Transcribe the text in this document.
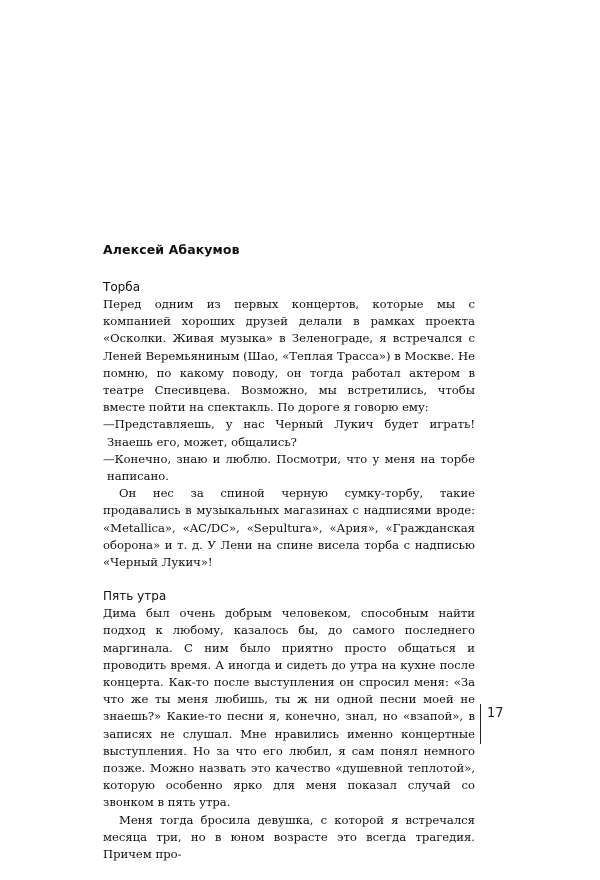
Алексей Абакумов
Торба

Перед одним из первых концертов, которые мы с компанией хороших друзей делали в рамках проекта «Осколки. Живая музыка» в Зеленограде, я встречался с Леней Веремьяниным (Шао, «Теплая Трасса») в Москве. Не помню, по какому поводу, он тогда работал актером в театре Спесивцева. Возможно, мы встретились, чтобы вместе пойти на спектакль. По дороге я говорю ему:

—Представляешь, у нас Черный Лукич будет играть! Знаешь его, может, общались?

—Конечно, знаю и люблю. Посмотри, что у меня на торбе написано.

Он нес за спиной черную сумку-торбу, такие продавались в музыкальных магазинах с надписями вроде: «Metallica», «AC/DC», «Sepultura», «Ария», «Гражданская оборона» и т. д. У Лени на спине висела торба с надписью «Черный Лукич»!

Пять утра

Дима был очень добрым человеком, способным найти подход к любому, казалось бы, до самого последнего маргинала. С ним было приятно просто общаться и проводить время. А иногда и сидеть до утра на кухне после концерта. Как-то после выступления он спросил меня: «За что же ты меня любишь, ты ж ни одной песни моей не знаешь?» Какие-то песни я, конечно, знал, но «взапой», в записях не слушал. Мне нравились именно концертные выступления. Но за что его любил, я сам понял немного позже. Можно назвать это качество «душевной теплотой», которую особенно ярко для меня показал случай со звонком в пять утра.

Меня тогда бросила девушка, с которой я встречался месяца три, но в юном возрасте это всегда трагедия. Причем про-

17
